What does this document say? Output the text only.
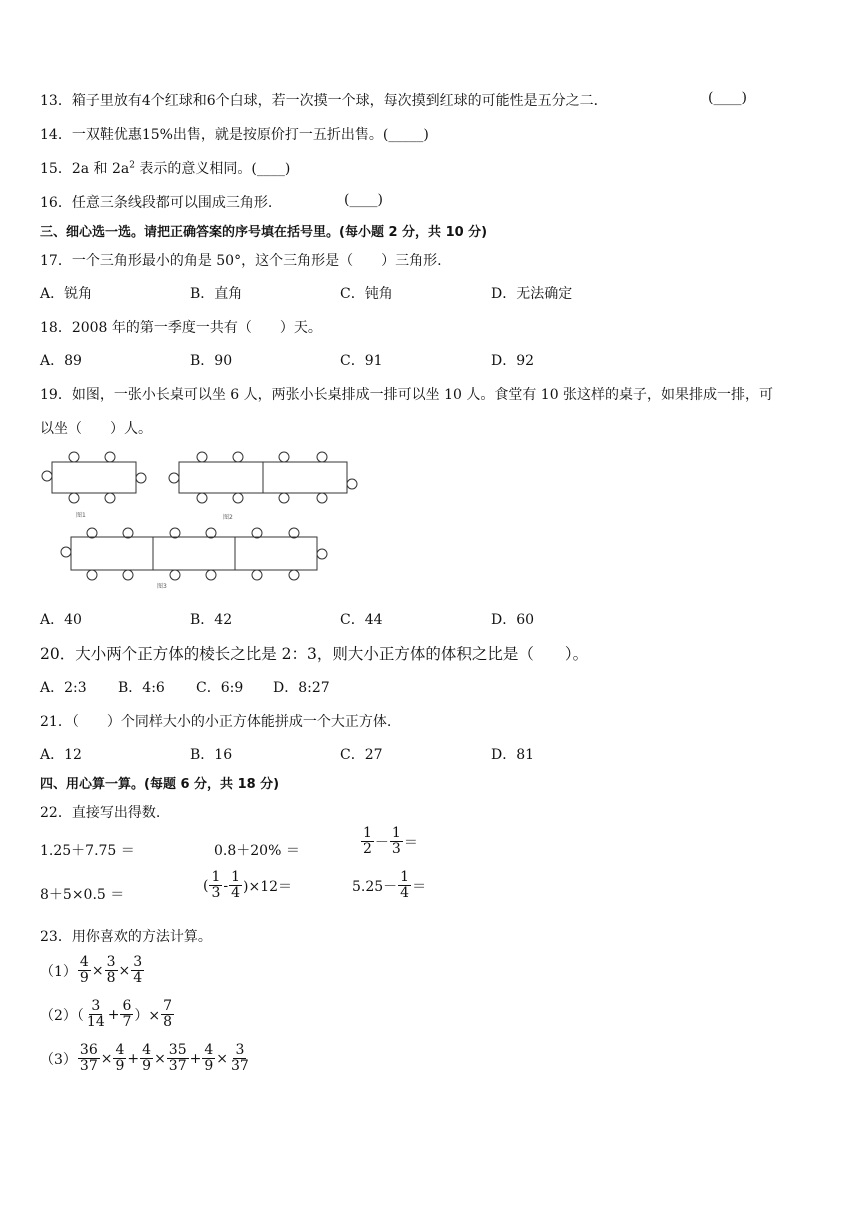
13．箱子里放有4个红球和6个白球，若一次摸一个球，每次摸到红球的可能性是五分之二．	(____)
14．一双鞋优惠15%出售，就是按原价打一五折出售。(_____)
15．2a 和 $2a^2$ 表示的意义相同。(____)
16．任意三条线段都可以围成三角形.	(____)
三、细心选一选。请把正确答案的序号填在括号里。(每小题 2 分，共 10 分)
17．一个三角形最小的角是 50°，这个三角形是（　　）三角形.
A．锐角	B．直角	C．钝角	D．无法确定
18．2008 年的第一季度一共有（　　）天。
A．89	B．90	C．91	D．92
19．如图，一张小长桌可以坐 6 人，两张小长桌排成一排可以坐 10 人。食堂有 10 张这样的桌子，如果排成一排，可
以坐（　　）人。
图1	图2
图3
A．40	B．42	C．44	D．60
20．大小两个正方体的棱长之比是 2：3，则大小正方体的体积之比是（　　）。
A．2:3 B．4:6 C．6:9 D．8:27
21．（　　）个同样大小的小正方体能拼成一个大正方体.
A．12	B．16	C．27	D．81
四、用心算一算。(每题 6 分，共 18 分)
22．直接写出得数.
1.25＋7.75 ＝	0.8＋20% ＝	$\frac{1}{2} - \frac{1}{3}$ ＝
8＋5×0.5 ＝
( $\frac{1}{3} - \frac{1}{4} )\times 12=$	$5.25- \frac{1}{4}$ ＝
23．用你喜欢的方法计算。
$(1) \frac{4}{9} \times \frac{3}{8} \times \frac{3}{4}$
$(2)( \frac{3}{14} + \frac{6}{7}$ ）× $\frac{7}{8}$
$(3) \frac{36}{37} \times \frac{4}{9} + \frac{4}{9} \times \frac{35}{37} + \frac{4}{9} \times \frac{3}{37}$
